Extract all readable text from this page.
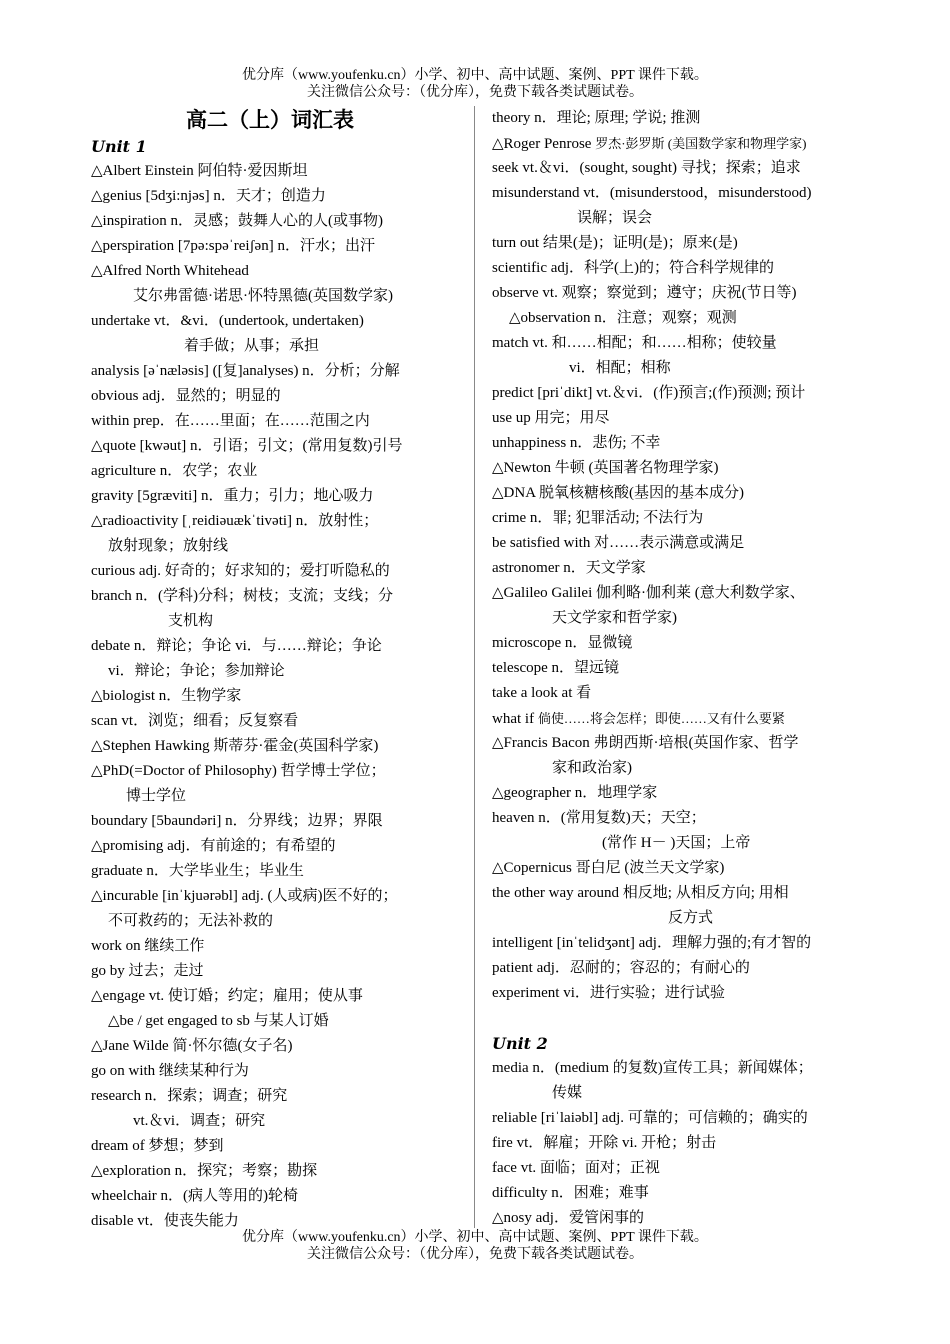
优分库（www.youfenku.cn）小学、初中、高中试题、案例、PPT 课件下载。
关注微信公众号：（优分库），免费下载各类试题试卷。
高二（上）词汇表
Unit 1
△Albert Einstein 阿伯特·爱因斯坦
△genius [5dʒi:njəs] n．天才；创造力
△inspiration n．灵感；鼓舞人心的人(或事物)
△perspiration [7pə:spəˈreiʃən] n．汗水；出汗
△Alfred North Whitehead
艾尔弗雷德·诺思·怀特黑德(英国数学家)
undertake vt．&vi．(undertook, undertaken)
着手做；从事；承担
analysis [əˈnæləsis] ([复]analyses) n．分析；分解
obvious adj．显然的；明显的
within prep．在……里面；在……范围之内
△quote [kwəut] n．引语；引文；(常用复数)引号
agriculture n．农学；农业
gravity [5græviti] n．重力；引力；地心吸力
△radioactivity [ˌreidiəuækˈtivəti] n．放射性；
放射现象；放射线
curious adj. 好奇的；好求知的；爱打听隐私的
branch n．(学科)分科；树枝；支流；支线；分
支机构
debate n．辩论；争论 vi．与……辩论；争论
vi．辩论；争论；参加辩论
△biologist n．生物学家
scan vt．浏览；细看；反复察看
△Stephen Hawking 斯蒂芬·霍金(英国科学家)
△PhD(=Doctor of Philosophy) 哲学博士学位；
博士学位
boundary [5baundəri] n．分界线；边界；界限
△promising adj．有前途的；有希望的
graduate n．大学毕业生；毕业生
△incurable [inˈkjuərəbl] adj. (人或病)医不好的；
不可救药的；无法补救的
work on 继续工作
go by 过去；走过
△engage vt. 使订婚；约定；雇用；使从事
△be / get engaged to sb 与某人订婚
△Jane Wilde 简·怀尔德(女子名)
go on with 继续某种行为
research n．探索；调查；研究
vt.＆vi．调查；研究
dream of 梦想；梦到
△exploration n．探究；考察；勘探
wheelchair n．(病人等用的)轮椅
disable vt．使丧失能力
theory n．理论; 原理; 学说; 推测
△Roger Penrose 罗杰·彭罗斯 (美国数学家和物理学家)
seek vt.＆vi．(sought, sought) 寻找；探索；追求
misunderstand vt．(misunderstood，misunderstood)
误解；误会
turn out 结果(是)；证明(是)；原来(是)
scientific adj．科学(上)的；符合科学规律的
observe vt. 观察；察觉到；遵守；庆祝(节日等)
△observation n．注意；观察；观测
match vt. 和……相配；和……相称；使较量
vi．相配；相称
predict [priˈdikt] vt.＆vi．(作)预言;(作)预测; 预计
use up 用完；用尽
unhappiness n．悲伤; 不幸
△Newton 牛顿 (英国著名物理学家)
△DNA 脱氧核糖核酸(基因的基本成分)
crime n．罪; 犯罪活动; 不法行为
be satisfied with 对……表示满意或满足
astronomer n．天文学家
△Galileo Galilei 伽利略·伽利莱 (意大利数学家、
天文学家和哲学家)
microscope n．显微镜
telescope n．望远镜
take a look at 看
what if 倘使……将会怎样；即使……又有什么要紧
△Francis Bacon 弗朗西斯·培根(英国作家、哲学
家和政治家)
△geographer n．地理学家
heaven n．(常用复数)天；天空；
(常作 H－ )天国；上帝
△Copernicus 哥白尼 (波兰天文学家)
the other way around 相反地; 从相反方向; 用相
反方式
intelligent [inˈtelidʒənt] adj．理解力强的;有才智的
patient adj．忍耐的；容忍的；有耐心的
experiment vi．进行实验；进行试验
Unit 2
media n．(medium 的复数)宣传工具；新闻媒体；
传媒
reliable [riˈlaiəbl] adj. 可靠的；可信赖的；确实的
fire vt．解雇；开除 vi. 开枪；射击
face vt. 面临；面对；正视
difficulty n．困难；难事
△nosy adj．爱管闲事的
优分库（www.youfenku.cn）小学、初中、高中试题、案例、PPT 课件下载。
关注微信公众号：（优分库），免费下载各类试题试卷。
